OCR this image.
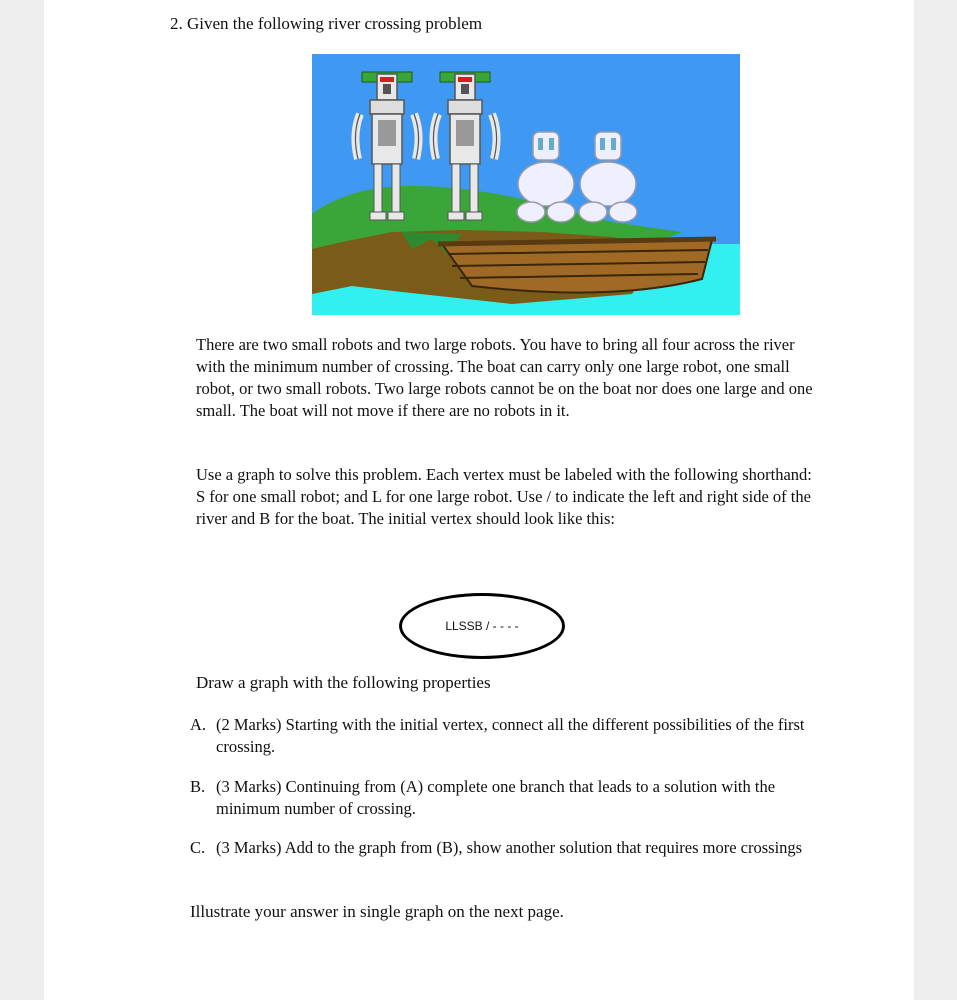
2. Given the following river crossing problem
There are two small robots and two large robots. You have to bring all four across the river with the minimum number of crossing. The boat can carry only one large robot, one small robot, or two small robots. Two large robots cannot be on the boat nor does one large and one small. The boat will not move if there are no robots in it.
Use a graph to solve this problem. Each vertex must be labeled with the following shorthand: S for one small robot; and L for one large robot. Use / to indicate the left and right side of the river and B for the boat. The initial vertex should look like this:
LLSSB / - - - -
Draw a graph with the following properties
A. (2 Marks) Starting with the initial vertex, connect all the different possibilities of the first crossing.
B. (3 Marks) Continuing from (A) complete one branch that leads to a solution with the minimum number of crossing.
C. (3 Marks) Add to the graph from (B), show another solution that requires more crossings
Illustrate your answer in single graph on the next page.
